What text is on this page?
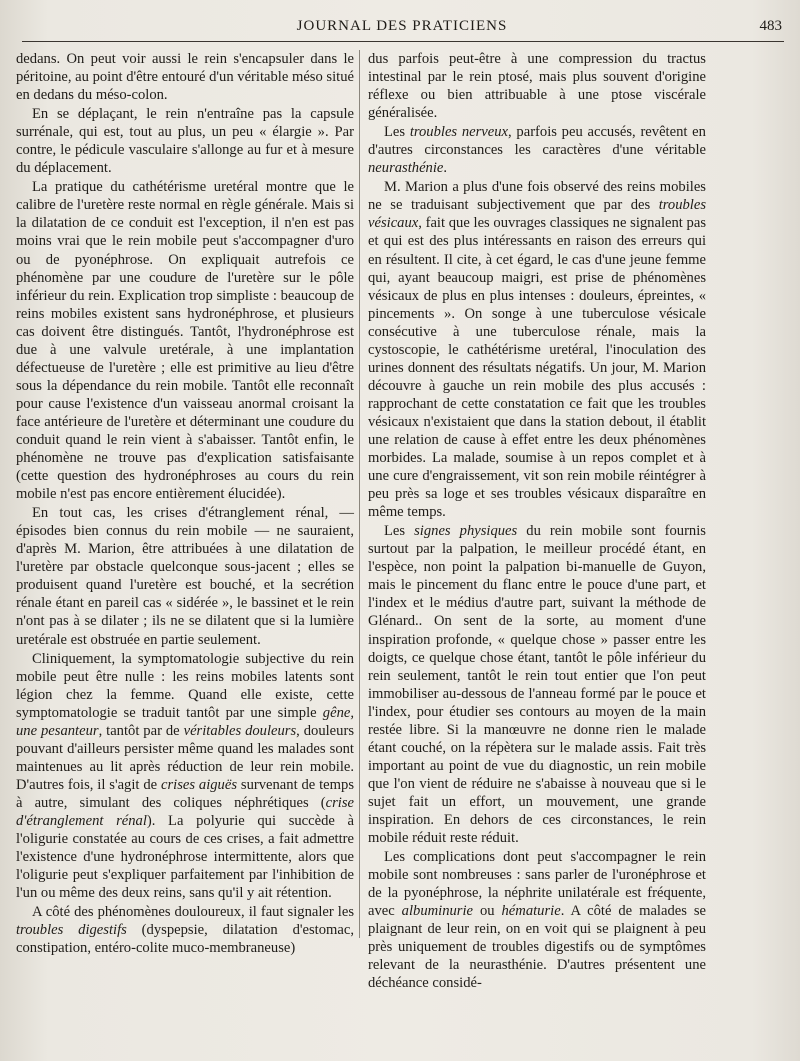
JOURNAL DES PRATICIENS	483

dedans. On peut voir aussi le rein s'encapsuler dans le péritoine, au point d'être entouré d'un véritable méso situé en dedans du méso-colon.

En se déplaçant, le rein n'entraîne pas la capsule surrénale, qui est, tout au plus, un peu « élargie ». Par contre, le pédicule vasculaire s'allonge au fur et à mesure du déplacement.

La pratique du cathétérisme uretéral montre que le calibre de l'uretère reste normal en règle générale. Mais si la dilatation de ce conduit est l'exception, il n'en est pas moins vrai que le rein mobile peut s'accompagner d'uro ou de pyonéphrose. On expliquait autrefois ce phénomène par une coudure de l'uretère sur le pôle inférieur du rein. Explication trop simpliste : beaucoup de reins mobiles existent sans hydronéphrose, et plusieurs cas doivent être distingués. Tantôt, l'hydronéphrose est due à une valvule uretérale, à une implantation défectueuse de l'uretère ; elle est primitive au lieu d'être sous la dépendance du rein mobile. Tantôt elle reconnaît pour cause l'existence d'un vaisseau anormal croisant la face antérieure de l'uretère et déterminant une coudure du conduit quand le rein vient à s'abaisser. Tantôt enfin, le phénomène ne trouve pas d'explication satisfaisante (cette question des hydronéphroses au cours du rein mobile n'est pas encore entièrement élucidée).

En tout cas, les crises d'étranglement rénal, — épisodes bien connus du rein mobile — ne sauraient, d'après M. Marion, être attribuées à une dilatation de l'uretère par obstacle quelconque sous-jacent ; elles se produisent quand l'uretère est bouché, et la secrétion rénale étant en pareil cas « sidérée », le bassinet et le rein n'ont pas à se dilater ; ils ne se dilatent que si la lumière uretérale est obstruée en partie seulement.

Cliniquement, la symptomatologie subjective du rein mobile peut être nulle : les reins mobiles latents sont légion chez la femme. Quand elle existe, cette symptomatologie se traduit tantôt par une simple gêne, une pesanteur, tantôt par de véritables douleurs, douleurs pouvant d'ailleurs persister même quand les malades sont maintenues au lit après réduction de leur rein mobile. D'autres fois, il s'agit de crises aiguës survenant de temps à autre, simulant des coliques néphrétiques (crise d'étranglement rénal). La polyurie qui succède à l'oligurie constatée au cours de ces crises, a fait admettre l'existence d'une hydronéphrose intermittente, alors que l'oligurie peut s'expliquer parfaitement par l'inhibition de l'un ou même des deux reins, sans qu'il y ait rétention.

A côté des phénomènes douloureux, il faut signaler les troubles digestifs (dyspepsie, dilatation d'estomac, constipation, entéro-colite muco-membraneuse)

dus parfois peut-être à une compression du tractus intestinal par le rein ptosé, mais plus souvent d'origine réflexe ou bien attribuable à une ptose viscérale généralisée.

Les troubles nerveux, parfois peu accusés, revêtent en d'autres circonstances les caractères d'une véritable neurasthénie.

M. Marion a plus d'une fois observé des reins mobiles ne se traduisant subjectivement que par des troubles vésicaux, fait que les ouvrages classiques ne signalent pas et qui est des plus intéressants en raison des erreurs qui en résultent. Il cite, à cet égard, le cas d'une jeune femme qui, ayant beaucoup maigri, est prise de phénomènes vésicaux de plus en plus intenses : douleurs, épreintes, « pincements ». On songe à une tuberculose vésicale consécutive à une tuberculose rénale, mais la cystoscopie, le cathétérisme uretéral, l'inoculation des urines donnent des résultats négatifs. Un jour, M. Marion découvre à gauche un rein mobile des plus accusés : rapprochant de cette constatation ce fait que les troubles vésicaux n'existaient que dans la station debout, il établit une relation de cause à effet entre les deux phénomènes morbides. La malade, soumise à un repos complet et à une cure d'engraissement, vit son rein mobile réintégrer à peu près sa loge et ses troubles vésicaux disparaître en même temps.

Les signes physiques du rein mobile sont fournis surtout par la palpation, le meilleur procédé étant, en l'espèce, non point la palpation bi-manuelle de Guyon, mais le pincement du flanc entre le pouce d'une part, et l'index et le médius d'autre part, suivant la méthode de Glénard.. On sent de la sorte, au moment d'une inspiration profonde, « quelque chose » passer entre les doigts, ce quelque chose étant, tantôt le pôle inférieur du rein seulement, tantôt le rein tout entier que l'on peut immobiliser au-dessous de l'anneau formé par le pouce et l'index, pour étudier ses contours au moyen de la main restée libre. Si la manœuvre ne donne rien le malade étant couché, on la répètera sur le malade assis. Fait très important au point de vue du diagnostic, un rein mobile que l'on vient de réduire ne s'abaisse à nouveau que si le sujet fait un effort, un mouvement, une grande inspiration. En dehors de ces circonstances, le rein mobile réduit reste réduit.

Les complications dont peut s'accompagner le rein mobile sont nombreuses : sans parler de l'uronéphrose et de la pyonéphrose, la néphrite unilatérale est fréquente, avec albuminurie ou hématurie. A côté de malades se plaignant de leur rein, on en voit qui se plaignent à peu près uniquement de troubles digestifs ou de symptômes relevant de la neurasthénie. D'autres présentent une déchéance considé-
